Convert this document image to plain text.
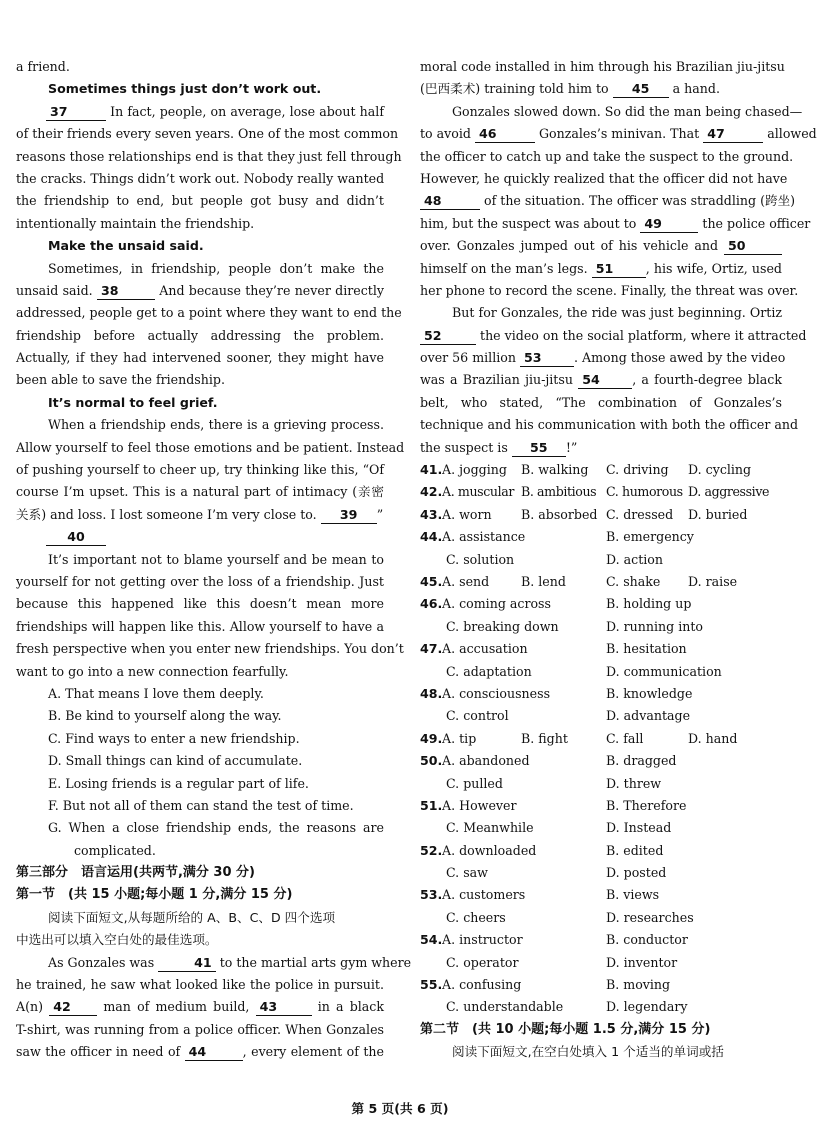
a friend.
Sometimes things just don’t work out.
37	In fact, people, on average, lose about half
of their friends every seven years. One of the most common
reasons those relationships end is that they just fell through
the cracks. Things didn’t work out. Nobody really wanted
the friendship to end, but people got busy and didn’t
intentionally maintain the friendship.
Make the unsaid said.
Sometimes, in friendship, people don’t make the
unsaid said. 38	And because they’re never directly
addressed, people get to a point where they want to end the
friendship before actually addressing the problem.
Actually, if they had intervened sooner, they might have
been able to save the friendship.
It’s normal to feel grief.
When a friendship ends, there is a grieving process.
Allow yourself to feel those emotions and be patient. Instead
of pushing yourself to cheer up, try thinking like this, “Of
course I’m upset. This is a natural part of intimacy (亲密
关系) and loss. I lost someone I’m very close to. 39 ”
40
It’s important not to blame yourself and be mean to
yourself for not getting over the loss of a friendship. Just
because this happened like this doesn’t mean more
friendships will happen like this. Allow yourself to have a
fresh perspective when you enter new friendships. You don’t
want to go into a new connection fearfully.
A. That means I love them deeply.
B. Be kind to yourself along the way.
C. Find ways to enter a new friendship.
D. Small things can kind of accumulate.
E. Losing friends is a regular part of life.
F. But not all of them can stand the test of time.
G. When a close friendship ends, the reasons are
complicated.
第三部分　语言运用(共两节,满分 30 分)
第一节　(共 15 小题;每小题 1 分,满分 15 分)
阅读下面短文,从每题所给的 A、B、C、D 四个选项
中选出可以填入空白处的最佳选项。
As Gonzales was	41 to the martial arts gym where
he trained, he saw what looked like the police in pursuit.
A(n) 42	man of medium build, 43	in a black
T-shirt, was running from a police officer. When Gonzales
saw the officer in need of 44	, every element of the
moral code installed in him through his Brazilian jiu-jitsu
(巴西柔术) training told him to 45 a hand.
Gonzales slowed down. So did the man being chased—
to avoid 46	Gonzales’s minivan. That 47	allowed
the officer to catch up and take the suspect to the ground.
However, he quickly realized that the officer did not have
48	of the situation. The officer was straddling (跨坐)
him, but the suspect was about to 49	the police officer
over. Gonzales jumped out of his vehicle and 50
himself on the man’s legs. 51	, his wife, Ortiz, used
her phone to record the scene. Finally, the threat was over.
But for Gonzales, the ride was just beginning. Ortiz
52	the video on the social platform, where it attracted
over 56 million 53	. Among those awed by the video
was a Brazilian jiu-jitsu 54	, a fourth-degree black
belt, who stated, “The combination of Gonzales’s
technique and his communication with both the officer and
the suspect is 55 !”
41. A. jogging B. walking C. driving D. cycling
42. A. muscular B. ambitious C. humorous D. aggressive
43. A. worn B. absorbed C. dressed D. buried
44. A. assistance	B. emergency
C. solution	D. action
45. A. send	B. lend	C. shake D. raise
46. A. coming across	B. holding up
C. breaking down	D. running into
47. A. accusation	B. hesitation
C. adaptation	D. communication
48. A. consciousness	B. knowledge
C. control	D. advantage
49. A. tip	B. fight	C. fall	D. hand
50. A. abandoned	B. dragged
C. pulled	D. threw
51. A. However	B. Therefore
C. Meanwhile	D. Instead
52. A. downloaded	B. edited
C. saw	D. posted
53. A. customers	B. views
C. cheers	D. researches
54. A. instructor	B. conductor
C. operator	D. inventor
55. A. confusing	B. moving
C. understandable	D. legendary
第二节　(共 10 小题;每小题 1.5 分,满分 15 分)
阅读下面短文,在空白处填入 1 个适当的单词或括
第 5 页(共 6 页)
